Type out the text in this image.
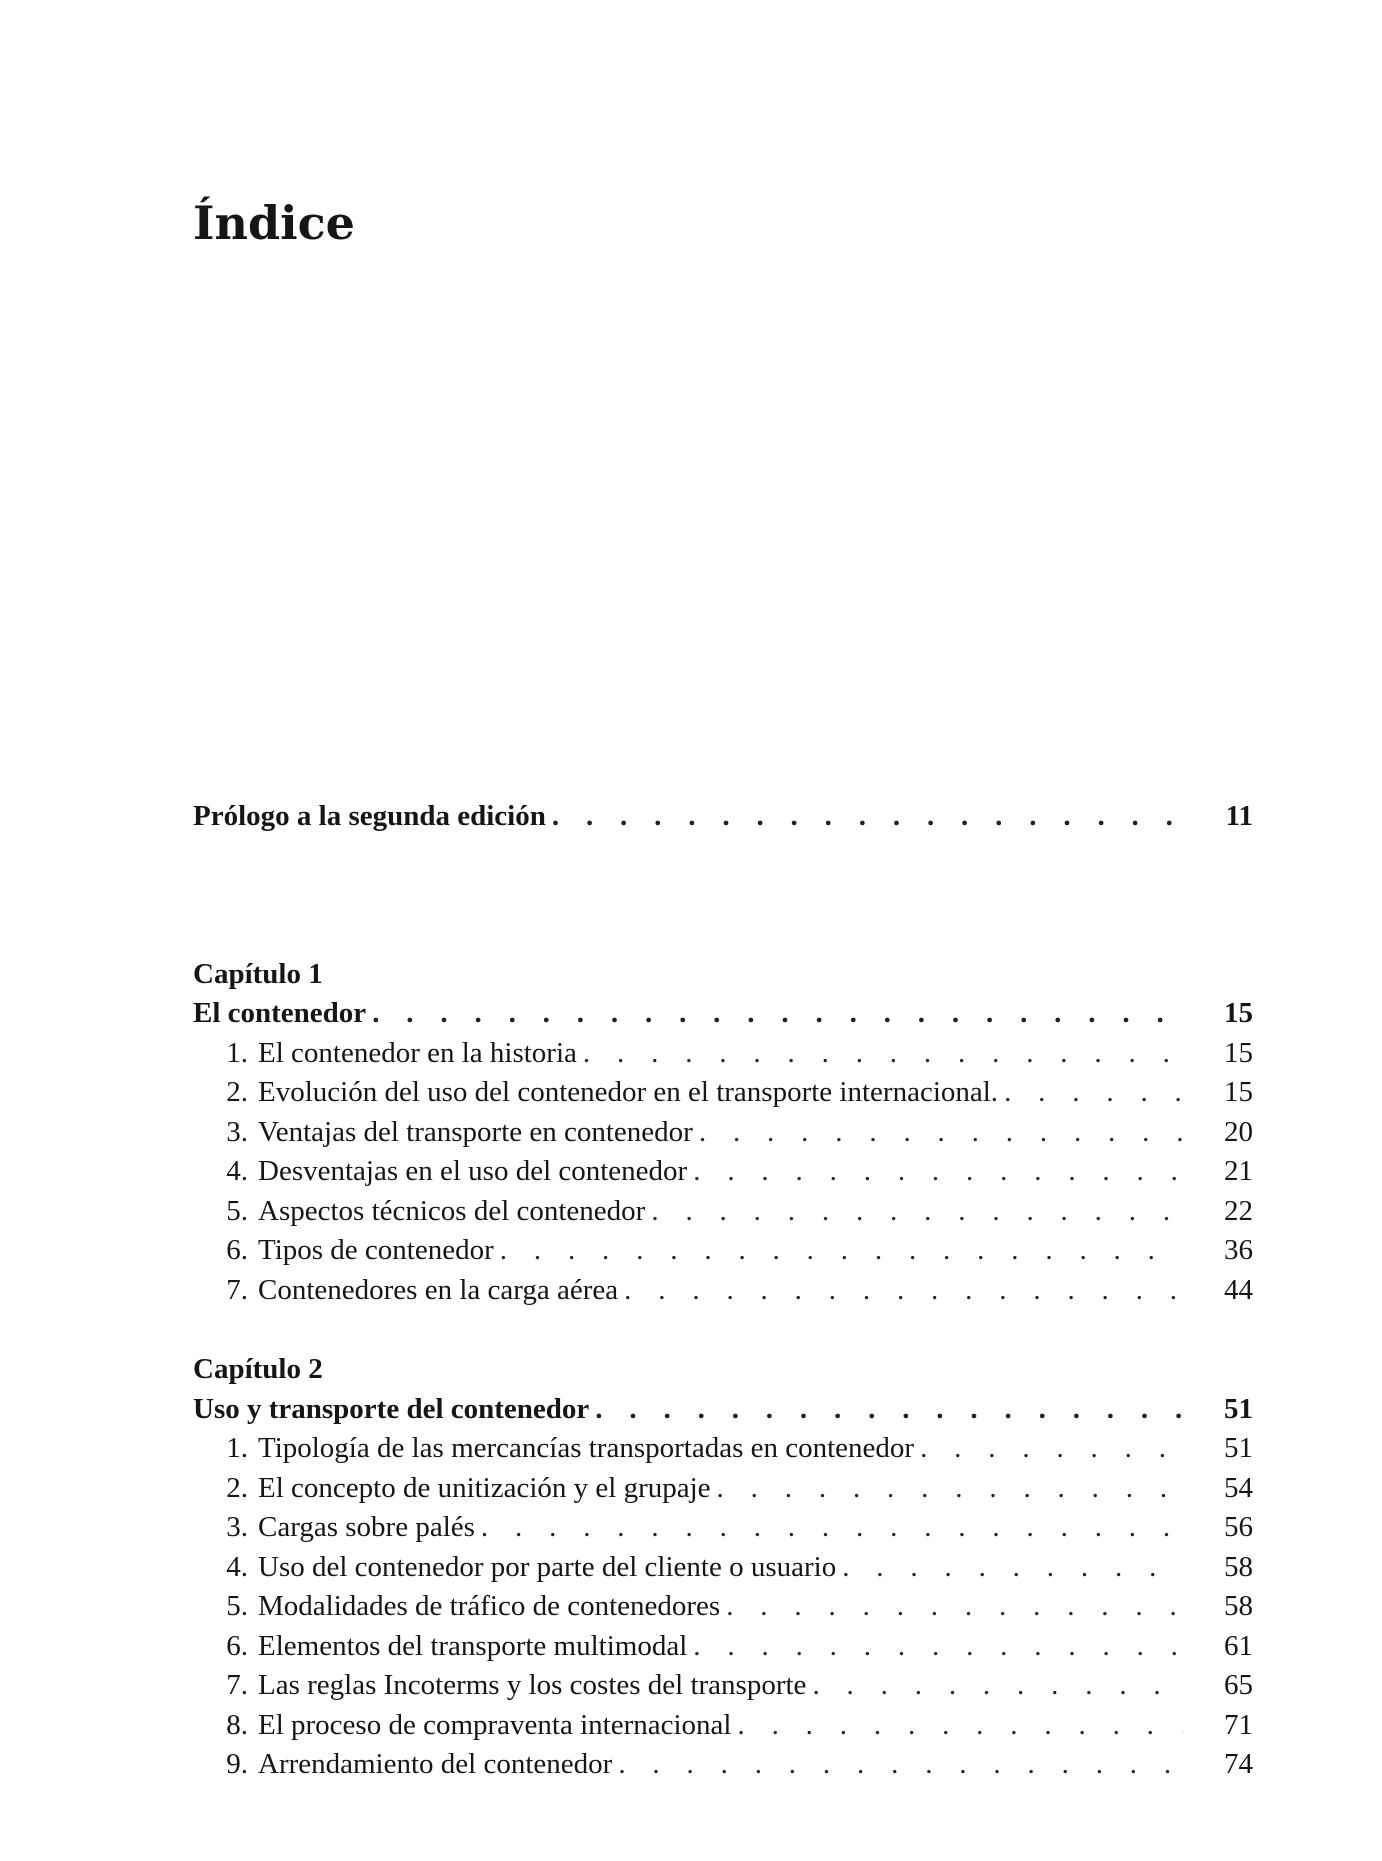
Índice
Prólogo a la segunda edición . . .	11
Capítulo 1
El contenedor . . .	15
1. El contenedor en la historia . . .	15
2. Evolución del uso del contenedor en el transporte internacional. . . .	15
3. Ventajas del transporte en contenedor . . .	20
4. Desventajas en el uso del contenedor . . .	21
5. Aspectos técnicos del contenedor . . .	22
6. Tipos de contenedor . . .	36
7. Contenedores en la carga aérea . . .	44
Capítulo 2
Uso y transporte del contenedor . . .	51
1. Tipología de las mercancías transportadas en contenedor . . .	51
2. El concepto de unitización y el grupaje . . .	54
3. Cargas sobre palés . . .	56
4. Uso del contenedor por parte del cliente o usuario . . .	58
5. Modalidades de tráfico de contenedores . . .	58
6. Elementos del transporte multimodal . . .	61
7. Las reglas Incoterms y los costes del transporte . . .	65
8. El proceso de compraventa internacional . . .	71
9. Arrendamiento del contenedor . . .	74
